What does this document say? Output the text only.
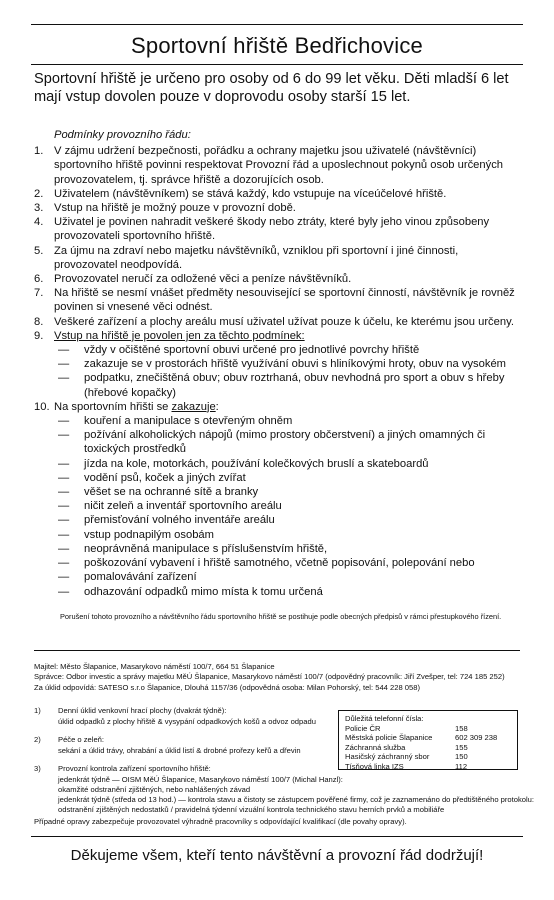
Sportovní hřiště Bedřichovice
Sportovní hřiště je určeno pro osoby od 6 do 99 let věku. Děti mladší 6 let mají vstup dovolen pouze v doprovodu osoby starší 15 let.
Podmínky provozního řádu:
1. V zájmu udržení bezpečnosti, pořádku a ochrany majetku jsou uživatelé (návštěvníci) sportovního hřiště povinni respektovat Provozní řád a uposlechnout pokynů osob určených provozovatelem, tj. správce hřiště a dozorujících osob.
2. Uživatelem (návštěvníkem) se stává každý, kdo vstupuje na víceúčelové hřiště.
3. Vstup na hřiště je možný pouze v provozní době.
4. Uživatel je povinen nahradit veškeré škody nebo ztráty, které byly jeho vinou způsobeny provozovateli sportovního hřiště.
5. Za újmu na zdraví nebo majetku návštěvníků, vzniklou při sportovní i jiné činnosti, provozovatel neodpovídá.
6. Provozovatel neručí za odložené věci a peníze návštěvníků.
7. Na hřiště se nesmí vnášet předměty nesouvisející se sportovní činností, návštěvník je rovněž povinen si vnesené věci odnést.
8. Veškeré zařízení a plochy areálu musí uživatel užívat pouze k účelu, ke kterému jsou určeny.
9. Vstup na hřiště je povolen jen za těchto podmínek:
— vždy v očištěné sportovní obuvi určené pro jednotlivé povrchy hřiště
— zakazuje se v prostorách hřiště využívání obuvi s hliníkovými hroty, obuv na vysokém
— podpatku, znečištěná obuv; obuv roztrhaná, obuv nevhodná pro sport a obuv s hřeby (hřebové kopačky)
10. Na sportovním hřišti se zakazuje:
— kouření a manipulace s otevřeným ohněm
— požívání alkoholických nápojů (mimo prostory občerstvení) a jiných omamných či toxických prostředků
— jízda na kole, motorkách, používání kolečkových bruslí a skateboardů
— vodění psů, koček a jiných zvířat
— věšet se na ochranné sítě a branky
— ničit zeleň a inventář sportovního areálu
— přemisťování volného inventáře areálu
— vstup podnapilým osobám
— neoprávněná manipulace s příslušenstvím hřiště,
— poškozování vybavení i hřiště samotného, včetně popisování, polepování nebo
— pomalovávání zařízení
— odhazování odpadků mimo místa k tomu určená
Porušení tohoto provozního a návštěvního řádu sportovního hřiště se postihuje podle obecných předpisů v rámci přestupkového řízení.
Majitel: Město Šlapanice, Masarykovo náměstí 100/7, 664 51 Šlapanice
Správce: Odbor investic a správy majetku MěÚ Šlapanice, Masarykovo náměstí 100/7 (odpovědný pracovník: Jiří Zvešper, tel: 724 185 252)
Za úklid odpovídá: SATESO s.r.o Šlapanice, Dlouhá 1157/36 (odpovědná osoba: Milan Pohorský, tel: 544 228 058)
1) Denní úklid venkovní hrací plochy (dvakrát týdně):
úklid odpadků z plochy hřiště & vysypání odpadkových košů a odvoz odpadu
2) Péče o zeleň:
sekání a úklid trávy, ohrabání a úklid listí & drobné prořezy keřů a dřevin
3) Provozní kontrola zařízení sportovního hřiště:
jedenkrát týdně — OISM MěÚ Šlapanice, Masarykovo náměstí 100/7 (Michal Hanzl):
okamžité odstranění zjištěných, nebo nahlášených závad
jedenkrát týdně (středa od 13 hod.) — kontrola stavu a čistoty se zástupcem pověřené firmy, což je zaznamenáno do předtištěného protokolu:
odstranění zjištěných nedostatků / pravidelná týdenní vizuální kontrola technického stavu herních prvků a mobiliáře
Důležitá telefonní čísla:
Policie ČR	158
Městská policie Šlapanice	602 309 238
Záchranná služba	155
Hasičský záchranný sbor	150
Tísňová linka IZS	112
Případné opravy zabezpečuje provozovatel výhradně pracovníky s odpovídající kvalifikací (dle povahy opravy).
Děkujeme všem, kteří tento návštěvní a provozní řád dodržují!
